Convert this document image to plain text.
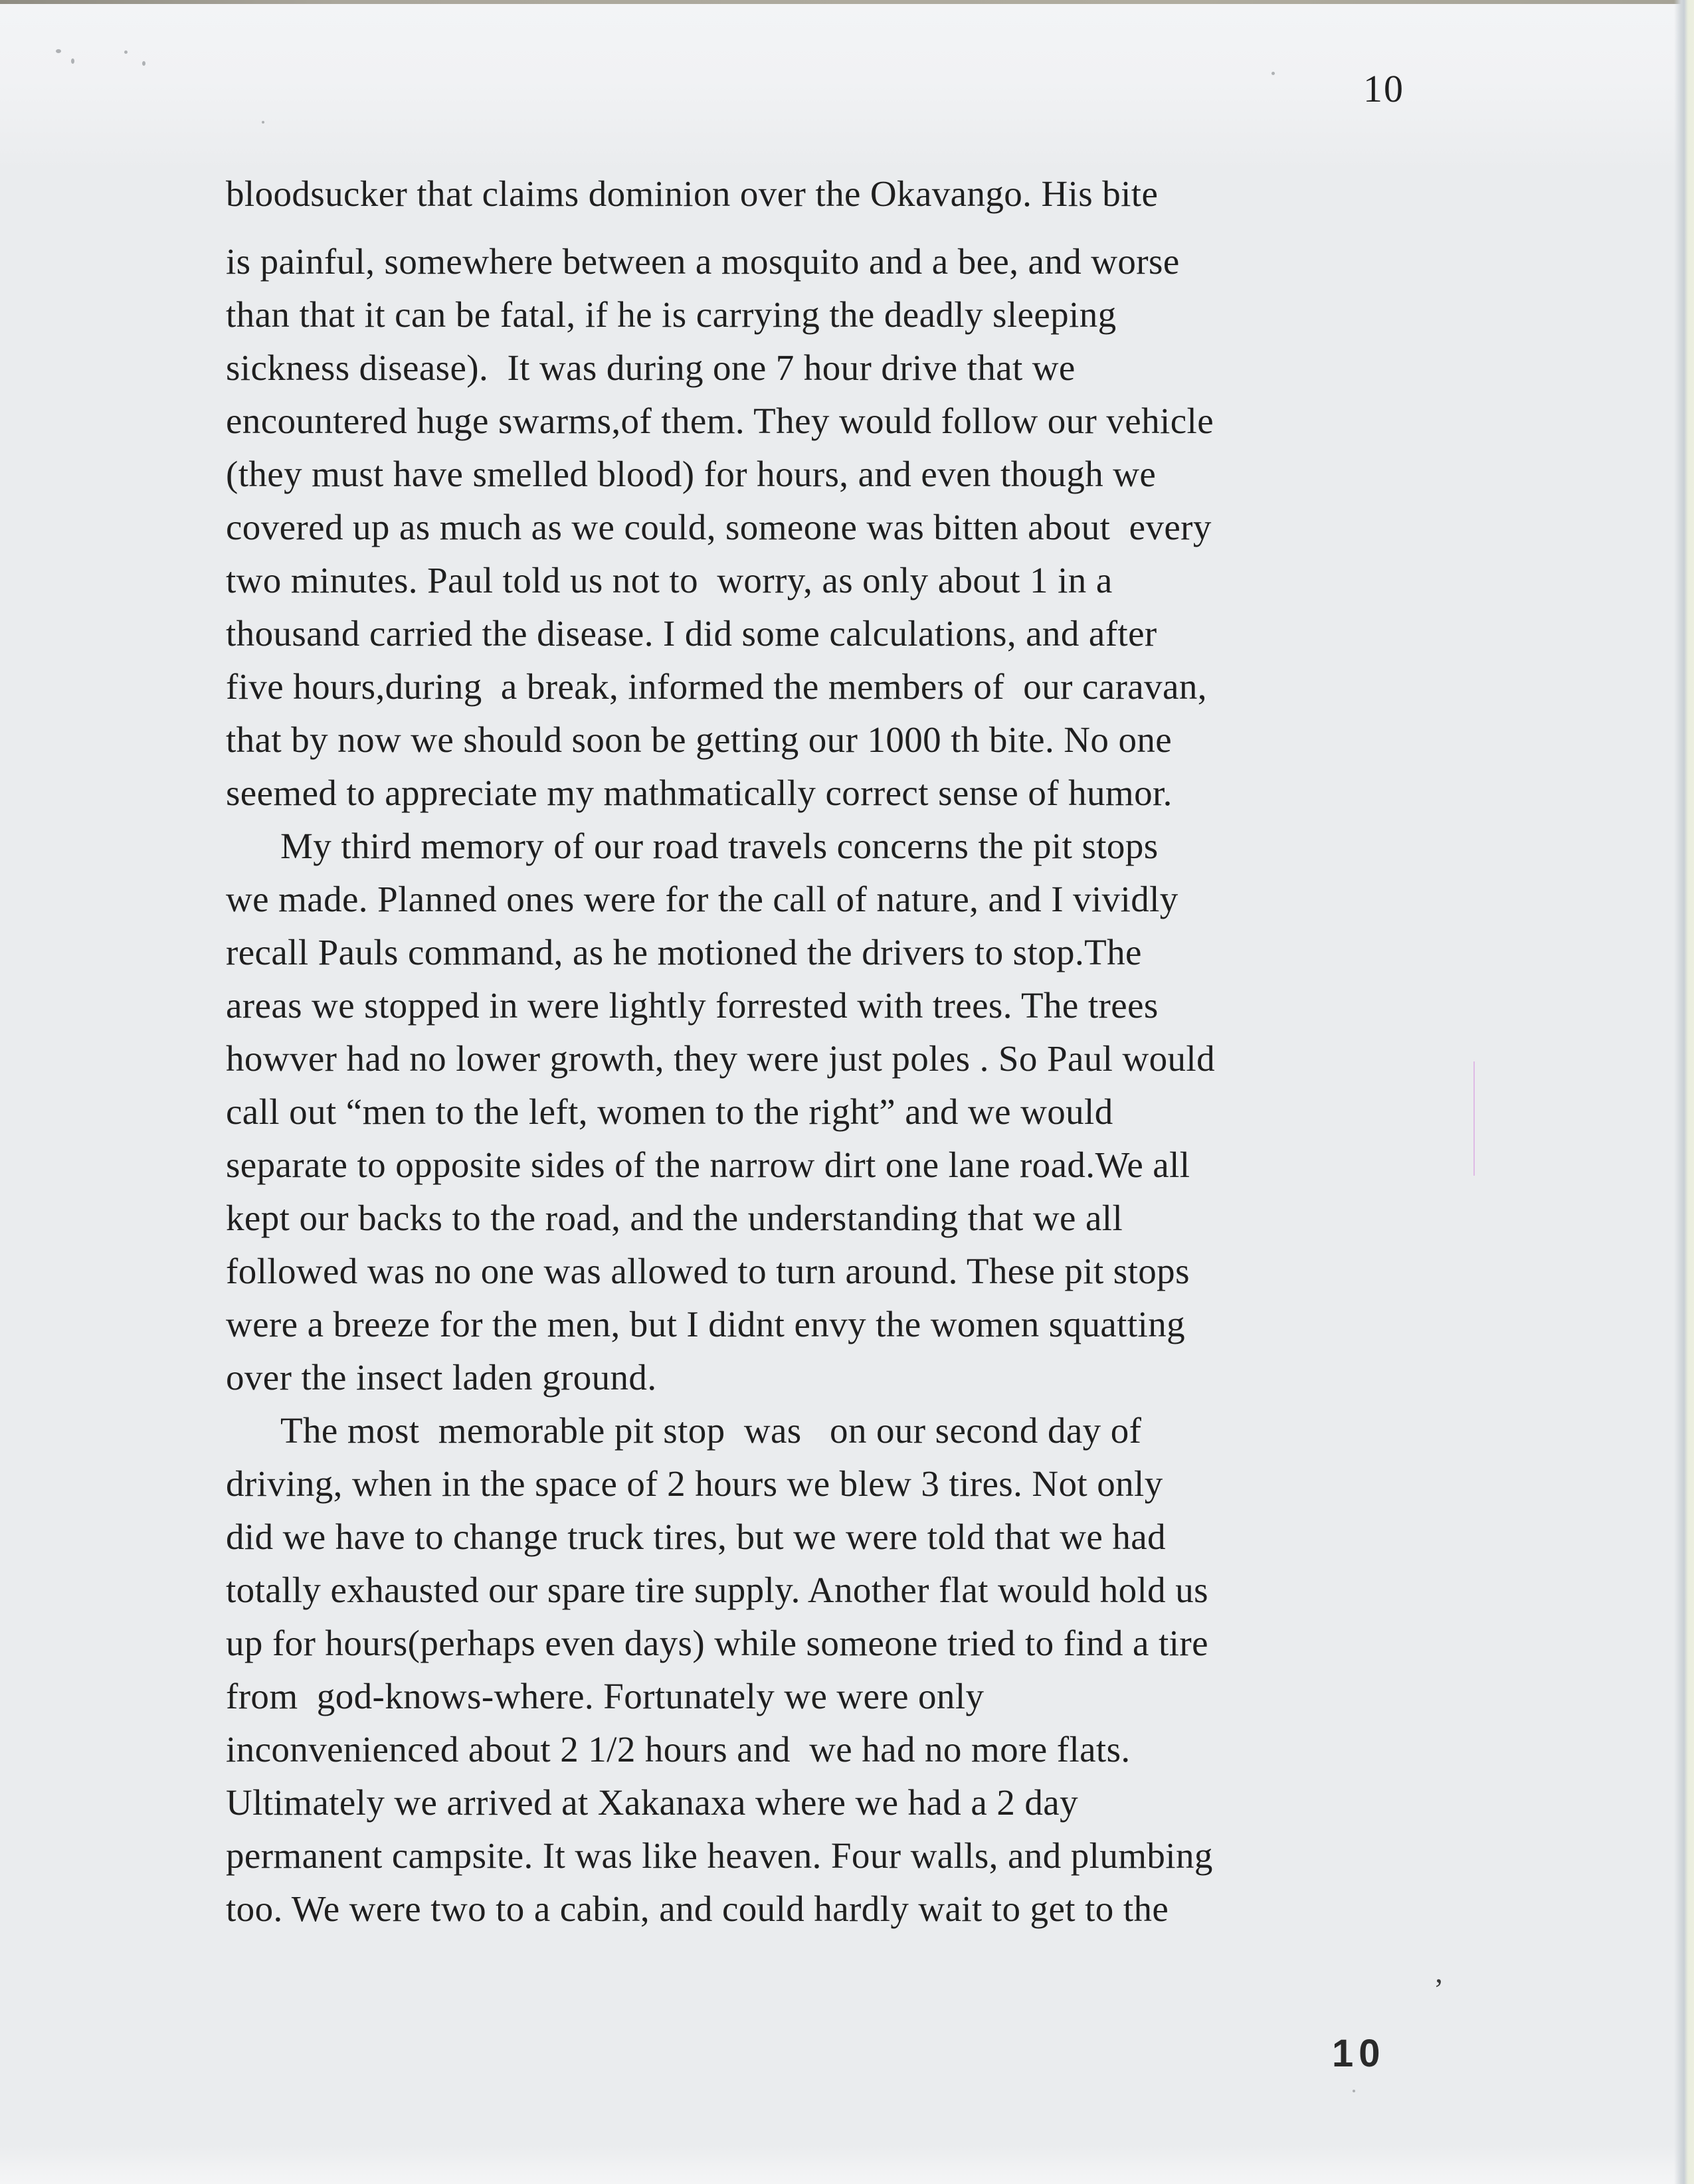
10
bloodsucker that claims dominion over the Okavango. His bite
is painful, somewhere between a mosquito and a bee, and worse
than that it can be fatal, if he is carrying the deadly sleeping
sickness disease).  It was during one 7 hour drive that we
encountered huge swarms,of them. They would follow our vehicle
(they must have smelled blood) for hours, and even though we
covered up as much as we could, someone was bitten about  every
two minutes. Paul told us not to  worry, as only about 1 in a
thousand carried the disease. I did some calculations, and after
five hours,during  a break, informed the members of  our caravan,
that by now we should soon be getting our 1000 th bite. No one
seemed to appreciate my mathmatically correct sense of humor.
My third memory of our road travels concerns the pit stops
we made. Planned ones were for the call of nature, and I vividly
recall Pauls command, as he motioned the drivers to stop.The
areas we stopped in were lightly forrested with trees. The trees
howver had no lower growth, they were just poles . So Paul would
call out “men to the left, women to the right” and we would
separate to opposite sides of the narrow dirt one lane road.We all
kept our backs to the road, and the understanding that we all
followed was no one was allowed to turn around. These pit stops
were a breeze for the men, but I didnt envy the women squatting
over the insect laden ground.
The most  memorable pit stop  was   on our second day of
driving, when in the space of 2 hours we blew 3 tires. Not only
did we have to change truck tires, but we were told that we had
totally exhausted our spare tire supply. Another flat would hold us
up for hours(perhaps even days) while someone tried to find a tire
from  god-knows-where. Fortunately we were only
inconvenienced about 2 1/2 hours and  we had no more flats.
Ultimately we arrived at Xakanaxa where we had a 2 day
permanent campsite. It was like heaven. Four walls, and plumbing
too. We were two to a cabin, and could hardly wait to get to the
10
’
